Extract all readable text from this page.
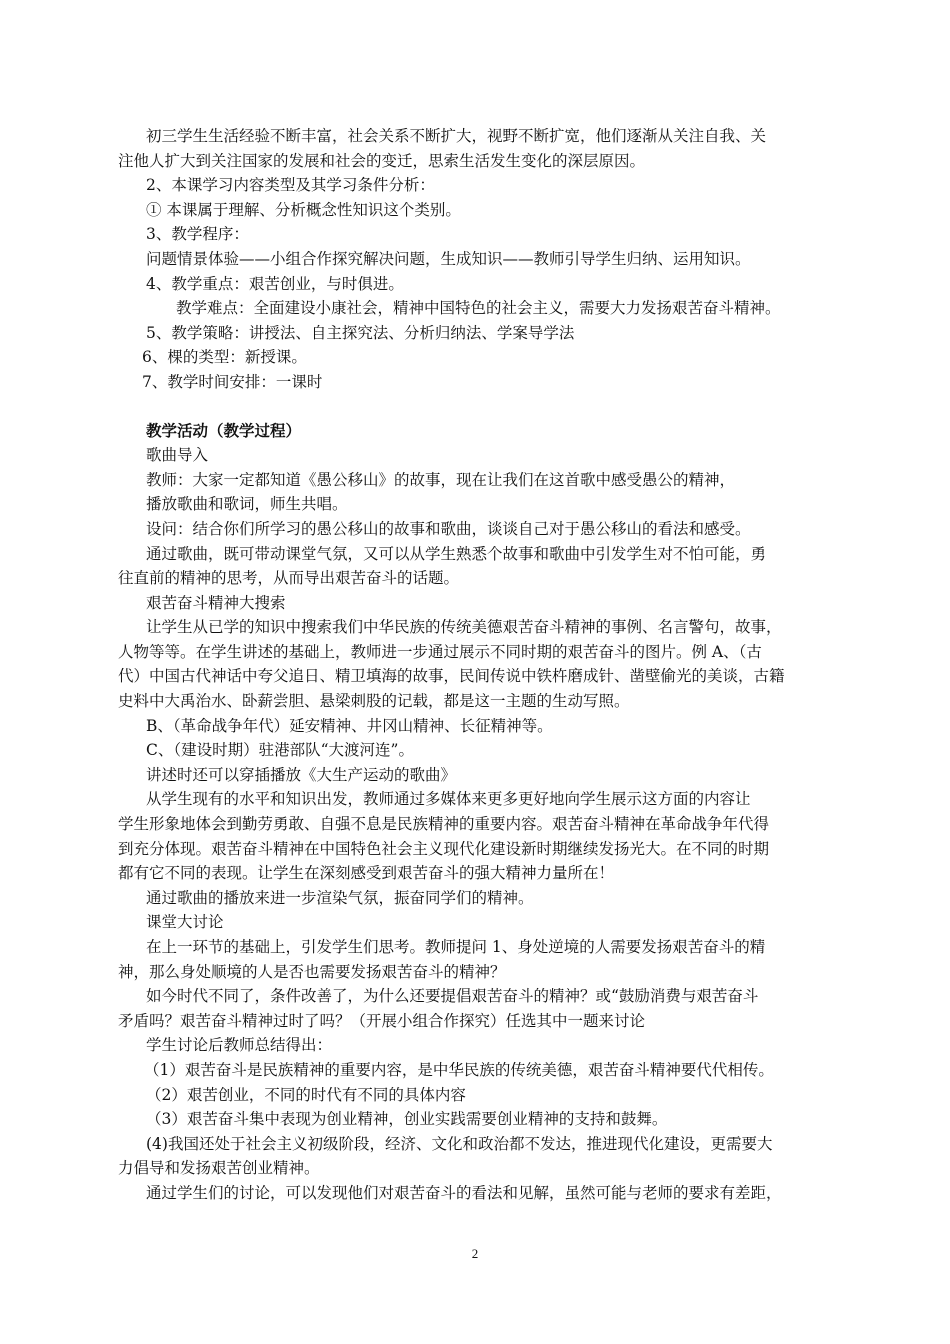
初三学生生活经验不断丰富，社会关系不断扩大，视野不断扩宽，他们逐渐从关注自我、关
注他人扩大到关注国家的发展和社会的变迁，思索生活发生变化的深层原因。
2、本课学习内容类型及其学习条件分析：
① 本课属于理解、分析概念性知识这个类别。
3、教学程序：
问题情景体验——小组合作探究解决问题，生成知识——教师引导学生归纳、运用知识。
4、教学重点：艰苦创业，与时俱进。
教学难点：全面建设小康社会，精神中国特色的社会主义，需要大力发扬艰苦奋斗精神。
5、教学策略：讲授法、自主探究法、分析归纳法、学案导学法
6、棵的类型：新授课。
7、教学时间安排：一课时
教学活动（教学过程）
歌曲导入
教师：大家一定都知道《愚公移山》的故事，现在让我们在这首歌中感受愚公的精神，
播放歌曲和歌词，师生共唱。
设问：结合你们所学习的愚公移山的故事和歌曲，谈谈自己对于愚公移山的看法和感受。
通过歌曲，既可带动课堂气氛，又可以从学生熟悉个故事和歌曲中引发学生对不怕可能，勇
往直前的精神的思考，从而导出艰苦奋斗的话题。
艰苦奋斗精神大搜索
让学生从已学的知识中搜索我们中华民族的传统美德艰苦奋斗精神的事例、名言警句，故事，
人物等等。在学生讲述的基础上，教师进一步通过展示不同时期的艰苦奋斗的图片。例 A、（古
代）中国古代神话中夸父追日、精卫填海的故事，民间传说中铁杵磨成针、凿壁偷光的美谈，古籍
史料中大禹治水、卧薪尝胆、悬梁刺股的记载，都是这一主题的生动写照。
B、（革命战争年代）延安精神、井冈山精神、长征精神等。
C、（建设时期）驻港部队“大渡河连”。
讲述时还可以穿插播放《大生产运动的歌曲》
从学生现有的水平和知识出发，教师通过多媒体来更多更好地向学生展示这方面的内容让
学生形象地体会到勤劳勇敢、自强不息是民族精神的重要内容。艰苦奋斗精神在革命战争年代得
到充分体现。艰苦奋斗精神在中国特色社会主义现代化建设新时期继续发扬光大。在不同的时期
都有它不同的表现。让学生在深刻感受到艰苦奋斗的强大精神力量所在！
通过歌曲的播放来进一步渲染气氛，振奋同学们的精神。
课堂大讨论
在上一环节的基础上，引发学生们思考。教师提问 1、身处逆境的人需要发扬艰苦奋斗的精
神，那么身处顺境的人是否也需要发扬艰苦奋斗的精神？
如今时代不同了，条件改善了，为什么还要提倡艰苦奋斗的精神？或“鼓励消费与艰苦奋斗
矛盾吗？艰苦奋斗精神过时了吗？（开展小组合作探究）任选其中一题来讨论
学生讨论后教师总结得出：
（1）艰苦奋斗是民族精神的重要内容，是中华民族的传统美德，艰苦奋斗精神要代代相传。
（2）艰苦创业，不同的时代有不同的具体内容
（3）艰苦奋斗集中表现为创业精神，创业实践需要创业精神的支持和鼓舞。
(4)我国还处于社会主义初级阶段，经济、文化和政治都不发达，推进现代化建设，更需要大
力倡导和发扬艰苦创业精神。
通过学生们的讨论，可以发现他们对艰苦奋斗的看法和见解，虽然可能与老师的要求有差距，
2
